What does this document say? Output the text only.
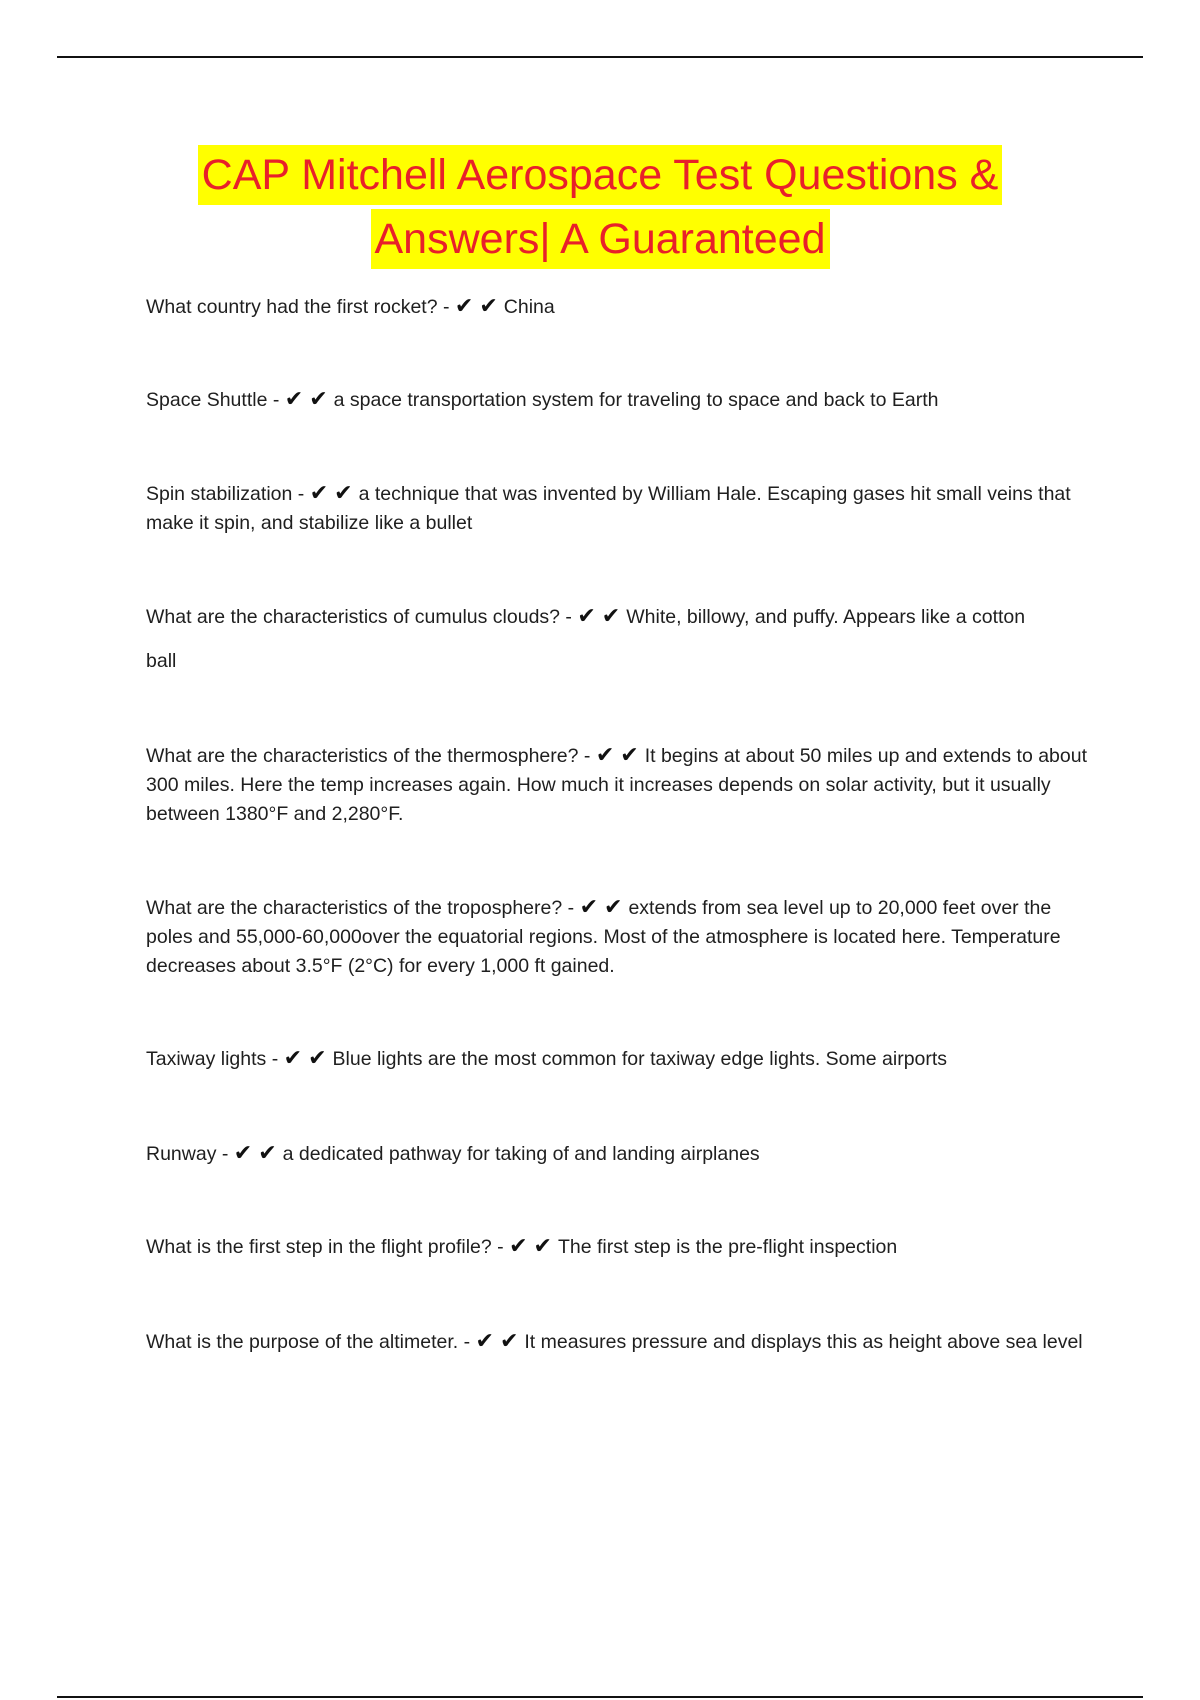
CAP Mitchell Aerospace Test Questions &
Answers| A Guaranteed
What country had the first rocket? - ✔✔China
Space Shuttle - ✔✔a space transportation system for traveling to space and back to Earth
Spin stabilization - ✔✔a technique that was invented by William Hale. Escaping gases hit small veins that make it spin, and stabilize like a bullet
What are the characteristics of cumulus clouds? - ✔✔White, billowy, and puffy. Appears like a cotton
ball
What are the characteristics of the thermosphere? - ✔✔It begins at about 50 miles up and extends to about 300 miles. Here the temp increases again. How much it increases depends on solar activity, but it usually between 1380°F and 2,280°F.
What are the characteristics of the troposphere? - ✔✔extends from sea level up to 20,000 feet over the poles and 55,000-60,000over the equatorial regions. Most of the atmosphere is located here. Temperature decreases about 3.5°F (2°C) for every 1,000 ft gained.
Taxiway lights - ✔✔Blue lights are the most common for taxiway edge lights. Some airports
Runway - ✔✔a dedicated pathway for taking of and landing airplanes
What is the first step in the flight profile? - ✔✔The first step is the pre-flight inspection
What is the purpose of the altimeter. - ✔✔It measures pressure and displays this as height above sea level
